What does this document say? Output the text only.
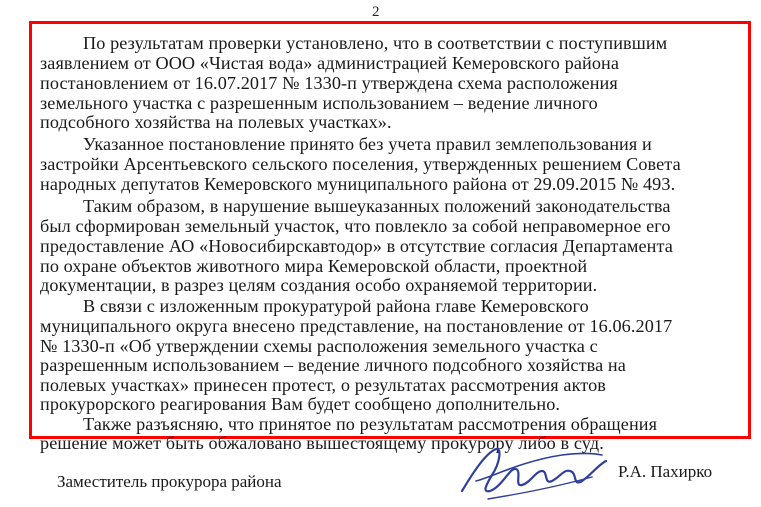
2
По результатам проверки установлено, что в соответствии с поступившим
заявлением от ООО «Чистая вода» администрацией Кемеровского района
постановлением от 16.07.2017 № 1330-п утверждена схема расположения
земельного участка с разрешенным использованием – ведение личного
подсобного хозяйства на полевых участках».
Указанное постановление принято без учета правил землепользования и
застройки Арсентьевского сельского поселения, утвержденных решением Совета
народных депутатов Кемеровского муниципального района от 29.09.2015 № 493.
Таким образом, в нарушение вышеуказанных положений законодательства
был сформирован земельный участок, что повлекло за собой неправомерное его
предоставление АО «Новосибирскавтодор» в отсутствие согласия Департамента
по охране объектов животного мира Кемеровской области, проектной
документации, в разрез целям создания особо охраняемой территории.
В связи с изложенным прокуратурой района главе Кемеровского
муниципального округа внесено представление, на постановление от 16.06.2017
№ 1330-п «Об утверждении схемы расположения земельного участка с
разрешенным использованием – ведение личного подсобного хозяйства на
полевых участках» принесен протест, о результатах рассмотрения актов
прокурорского реагирования Вам будет сообщено дополнительно.
Также разъясняю, что принятое по результатам рассмотрения обращения
решение может быть обжаловано вышестоящему прокурору либо в суд.
Заместитель прокурора района
Р.А. Пахирко
